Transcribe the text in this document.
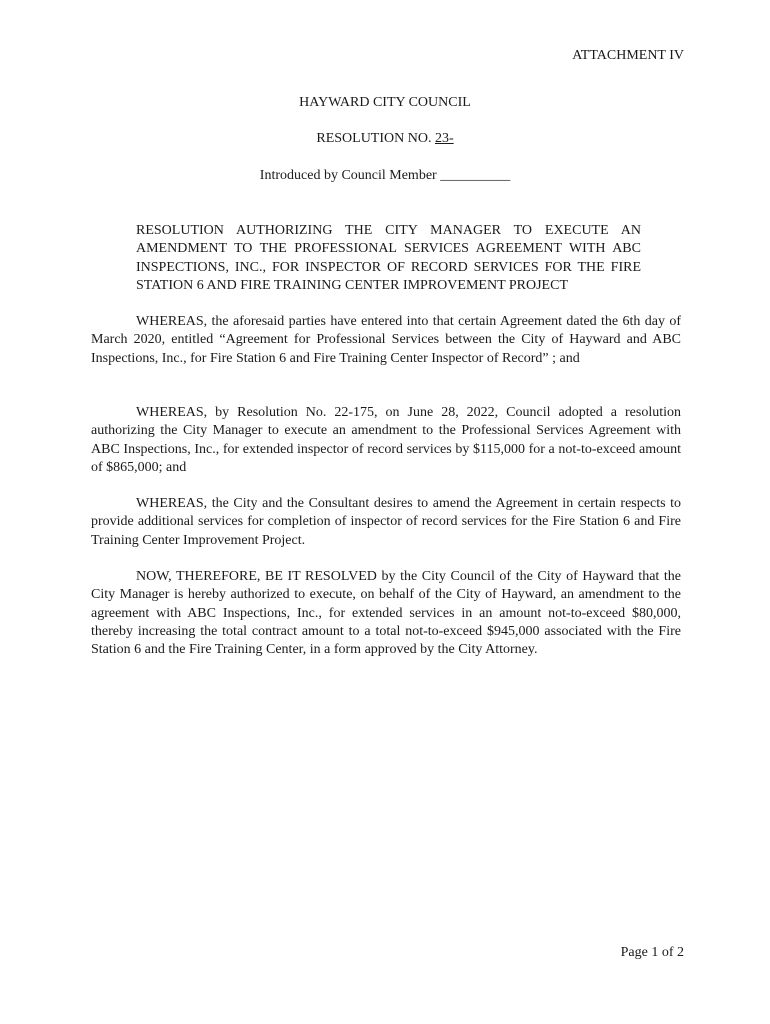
ATTACHMENT IV
HAYWARD CITY COUNCIL
RESOLUTION NO. 23-
Introduced by Council Member __________
RESOLUTION AUTHORIZING THE CITY MANAGER TO EXECUTE AN AMENDMENT TO THE PROFESSIONAL SERVICES AGREEMENT WITH ABC INSPECTIONS, INC., FOR INSPECTOR OF RECORD SERVICES FOR THE FIRE STATION 6 AND FIRE TRAINING CENTER IMPROVEMENT PROJECT
WHEREAS, the aforesaid parties have entered into that certain Agreement dated the 6th day of March 2020, entitled “Agreement for Professional Services between the City of Hayward and ABC Inspections, Inc., for Fire Station 6 and Fire Training Center Inspector of Record” ; and
WHEREAS, by Resolution No. 22-175, on June 28, 2022, Council adopted a resolution authorizing the City Manager to execute an amendment to the Professional Services Agreement with ABC Inspections, Inc., for extended inspector of record services by $115,000 for a not-to-exceed amount of $865,000; and
WHEREAS, the City and the Consultant desires to amend the Agreement in certain respects to provide additional services for completion of inspector of record services for the Fire Station 6 and Fire Training Center Improvement Project.
NOW, THEREFORE, BE IT RESOLVED by the City Council of the City of Hayward that the City Manager is hereby authorized to execute, on behalf of the City of Hayward, an amendment to the agreement with ABC Inspections, Inc., for extended services in an amount not-to-exceed $80,000, thereby increasing the total contract amount to a total not-to-exceed $945,000 associated with the Fire Station 6 and the Fire Training Center, in a form approved by the City Attorney.
Page 1 of 2
